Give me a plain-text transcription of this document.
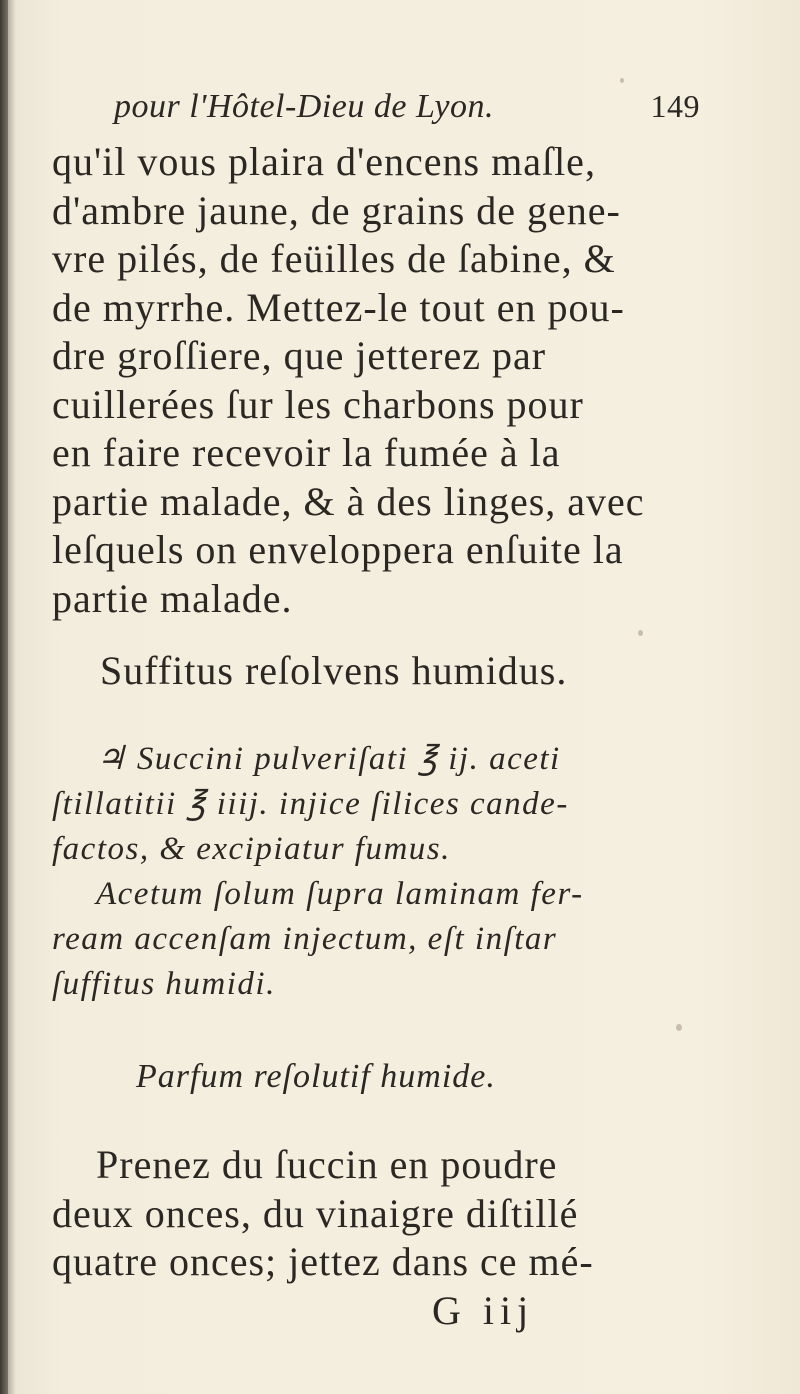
pour l'Hôtel-Dieu de Lyon.	149
qu'il vous plaira d'encens maſle,
d'ambre jaune, de grains de gene-
vre pilés, de feüilles de ſabine, &
de myrrhe. Mettez-le tout en pou-
dre groſſiere, que jetterez par
cuillerées ſur les charbons pour
en faire recevoir la fumée à la
partie malade, & à des linges, avec
leſquels on enveloppera enſuite la
partie malade.
Suffitus reſolvens humidus.
♃ Succini pulveriſati ℥ ij. aceti
ſtillatitii ℥ iiij. injice ſilices cande-
factos, & excipiatur fumus.
Acetum ſolum ſupra laminam fer-
ream accenſam injectum, eſt inſtar
ſuffitus humidi.
Parfum reſolutif humide.
Prenez du ſuccin en poudre
deux onces, du vinaigre diſtillé
quatre onces; jettez dans ce mé-
G iij
